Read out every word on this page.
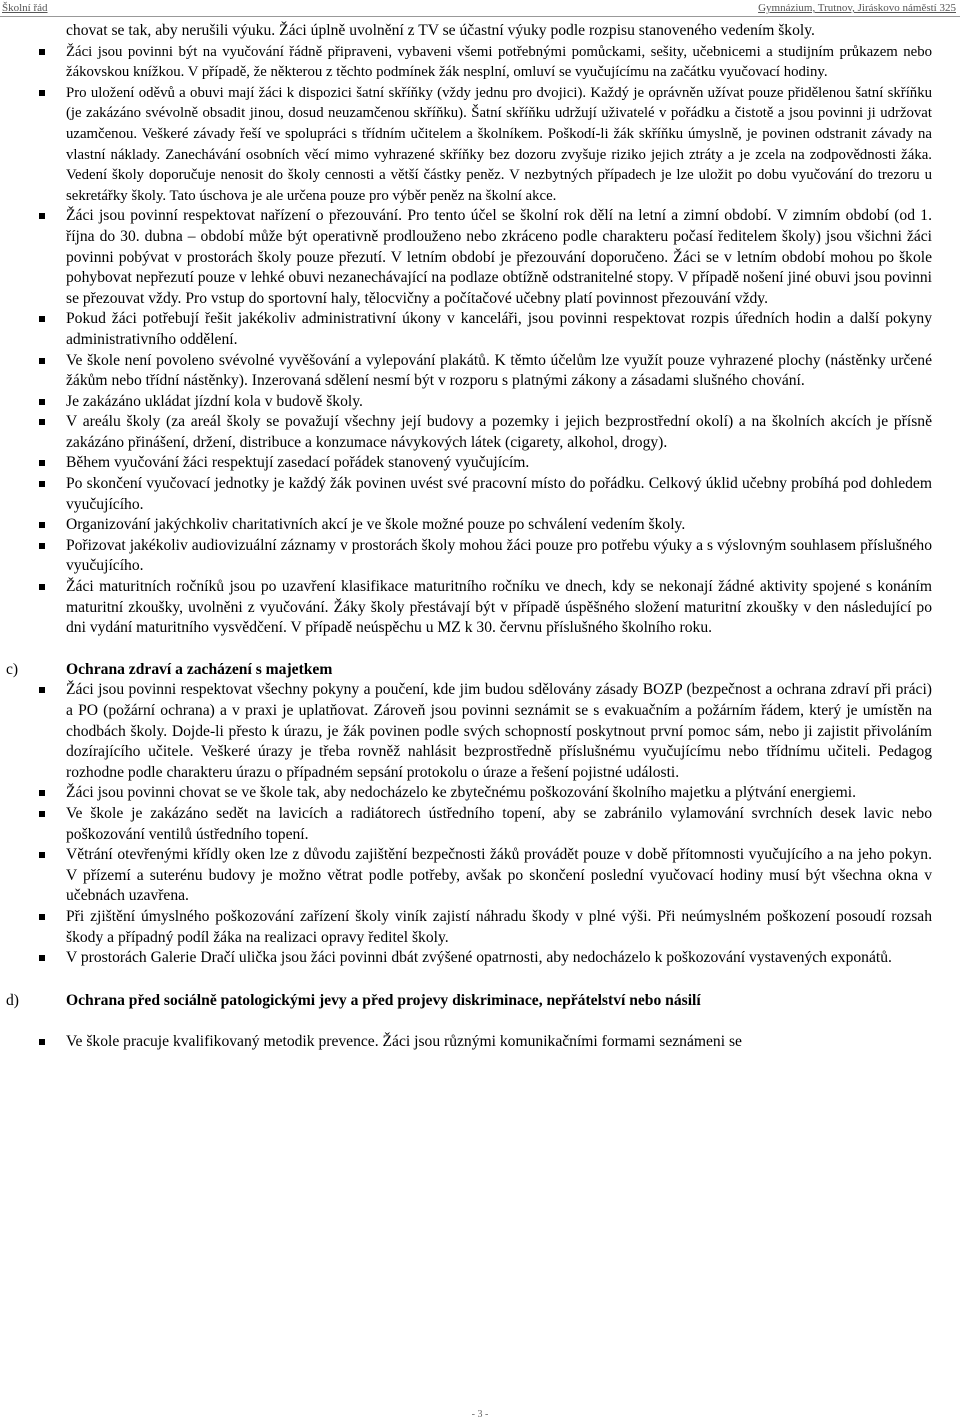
Školní řád	Gymnázium, Trutnov, Jiráskovo náměstí 325

chovat se tak, aby nerušili výuku. Žáci úplně uvolnění z TV se účastní výuky podle rozpisu stanoveného vedením školy.

Žáci jsou povinni být na vyučování řádně připraveni, vybaveni všemi potřebnými pomůckami, sešity, učebnicemi a studijním průkazem nebo žákovskou knížkou. V případě, že některou z těchto podmínek žák nesplní, omluví se vyučujícímu na začátku vyučovací hodiny.
Pro uložení oděvů a obuvi mají žáci k dispozici šatní skříňky (vždy jednu pro dvojici). Každý je oprávněn užívat pouze přidělenou šatní skříňku (je zakázáno svévolně obsadit jinou, dosud neuzamčenou skříňku). Šatní skříňku udržují uživatelé v pořádku a čistotě a jsou povinni ji udržovat uzamčenou. Veškeré závady řeší ve spolupráci s třídním učitelem a školníkem. Poškodí-li žák skříňku úmyslně, je povinen odstranit závady na vlastní náklady. Zanechávání osobních věcí mimo vyhrazené skříňky bez dozoru zvyšuje riziko jejich ztráty a je zcela na zodpovědnosti žáka. Vedení školy doporučuje nenosit do školy cennosti a větší částky peněz. V nezbytných případech je lze uložit po dobu vyučování do trezoru u sekretářky školy. Tato úschova je ale určena pouze pro výběr peněz na školní akce.
Žáci jsou povinní respektovat nařízení o přezouvání. Pro tento účel se školní rok dělí na letní a zimní období. V zimním období (od 1. října do 30. dubna – období může být operativně prodlouženo nebo zkráceno podle charakteru počasí ředitelem školy) jsou všichni žáci povinni pobývat v prostorách školy pouze přezutí. V letním období je přezouvání doporučeno. Žáci se v letním období mohou po škole pohybovat nepřezutí pouze v lehké obuvi nezanechávající na podlaze obtížně odstranitelné stopy. V případě nošení jiné obuvi jsou povinni se přezouvat vždy. Pro vstup do sportovní haly, tělocvičny a počítačové učebny platí povinnost přezouvání vždy.
Pokud žáci potřebují řešit jakékoliv administrativní úkony v kanceláři, jsou povinni respektovat rozpis úředních hodin a další pokyny administrativního oddělení.
Ve škole není povoleno svévolné vyvěšování a vylepování plakátů. K těmto účelům lze využít pouze vyhrazené plochy (nástěnky určené žákům nebo třídní nástěnky). Inzerovaná sdělení nesmí být v rozporu s platnými zákony a zásadami slušného chování.
Je zakázáno ukládat jízdní kola v budově školy.
V areálu školy (za areál školy se považují všechny její budovy a pozemky i jejich bezprostřední okolí) a na školních akcích je přísně zakázáno přinášení, držení, distribuce a konzumace návykových látek (cigarety, alkohol, drogy).
Během vyučování žáci respektují zasedací pořádek stanovený vyučujícím.
Po skončení vyučovací jednotky je každý žák povinen uvést své pracovní místo do pořádku. Celkový úklid učebny probíhá pod dohledem vyučujícího.
Organizování jakýchkoliv charitativních akcí je ve škole možné pouze po schválení vedením školy.
Pořizovat jakékoliv audiovizuální záznamy v prostorách školy mohou žáci pouze pro potřebu výuky a s výslovným souhlasem příslušného vyučujícího.
Žáci maturitních ročníků jsou po uzavření klasifikace maturitního ročníku ve dnech, kdy se nekonají žádné aktivity spojené s konáním maturitní zkoušky, uvolněni z vyučování. Žáky školy přestávají být v případě úspěšného složení maturitní zkoušky v den následující po dni vydání maturitního vysvědčení. V případě neúspěchu u MZ k 30. červnu příslušného školního roku.

c)	Ochrana zdraví a zacházení s majetkem

Žáci jsou povinni respektovat všechny pokyny a poučení, kde jim budou sdělovány zásady BOZP (bezpečnost a ochrana zdraví při práci) a PO (požární ochrana) a v praxi je uplatňovat. Zároveň jsou povinni seznámit se s evakuačním a požárním řádem, který je umístěn na chodbách školy. Dojde-li přesto k úrazu, je žák povinen podle svých schopností poskytnout první pomoc sám, nebo ji zajistit přivoláním dozírajícího učitele. Veškeré úrazy je třeba rovněž nahlásit bezprostředně příslušnému vyučujícímu nebo třídnímu učiteli. Pedagog rozhodne podle charakteru úrazu o případném sepsání protokolu o úraze a řešení pojistné události.
Žáci jsou povinni chovat se ve škole tak, aby nedocházelo ke zbytečnému poškozování školního majetku a plýtvání energiemi.
Ve škole je zakázáno sedět na lavicích a radiátorech ústředního topení, aby se zabránilo vylamování svrchních desek lavic nebo poškozování ventilů ústředního topení.
Větrání otevřenými křídly oken lze z důvodu zajištění bezpečnosti žáků provádět pouze v době přítomnosti vyučujícího a na jeho pokyn. V přízemí a suterénu budovy je možno větrat podle potřeby, avšak po skončení poslední vyučovací hodiny musí být všechna okna v učebnách uzavřena.
Při zjištění úmyslného poškozování zařízení školy viník zajistí náhradu škody v plné výši. Při neúmyslném poškození posoudí rozsah škody a případný podíl žáka na realizaci opravy ředitel školy.
V prostorách Galerie Dračí ulička jsou žáci povinni dbát zvýšené opatrnosti, aby nedocházelo k poškozování vystavených exponátů.

d)	Ochrana před sociálně patologickými jevy a před projevy diskriminace, nepřátelství nebo násilí

Ve škole pracuje kvalifikovaný metodik prevence. Žáci jsou různými komunikačními formami seznámeni se
- 3 -
